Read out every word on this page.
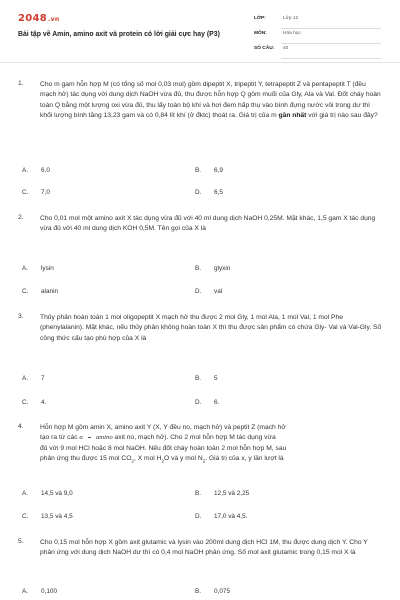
2048.vn
Bài tập về Amin, amino axit và protein có lời giải cực hay (P3)
LỚP:	Lớp 12
MÔN:	Hóa học
SỐ CÂU:	40
1.	Cho m gam hỗn hợp M (có tổng số mol 0,03 mol) gồm dipeptit X, tripeptit Y, tetrapeptit Z và pentapeptit T (đều mạch hở) tác dụng với dung dịch NaOH vừa đủ, thu được hỗn hợp Q gồm muối của Gly, Ala và Val. Đốt cháy hoàn toàn Q bằng một lượng oxi vừa đủ, thu lấy toàn bộ khí và hơi đem hấp thụ vào bình đựng nước vôi trong dư thì khối lượng bình tăng 13,23 gam và có 0,84 lít khí (ở đktc) thoát ra. Giá trị của m gần nhất với giá trị nào sau đây?
A. 6,0	B. 6,9
C. 7,0	D. 6,5
2.	Cho 0,01 mol một amino axit X tác dụng vừa đủ với 40 ml dung dịch NaOH 0,25M. Mặt khác, 1,5 gam X tác dụng vừa đủ với 40 ml dung dịch KOH 0,5M. Tên gọi của X là
A. lysin	B. glyxin
C. alanin	D. val
3.	Thủy phân hoàn toàn 1 mol oligopeptit X mạch hở thu được 2 mol Gly, 1 mol Ala, 1 mol Val, 1 mol Phe (phenylalanin). Mặt khác, nếu thủy phân không hoàn toàn X thì thu được sản phẩm có chứa Gly- Val và Val-Gly. Số công thức cấu tạo phù hợp của X là
A. 7	B. 5
C. 4.	D. 6.
4.	Hỗn hợp M gồm amin X, amino axit Y (X, Y đều no, mạch hở) và peptit Z (mạch hở
tạo ra từ các α amino axit no, mạch hở). Cho 2 mol hỗn hợp M tác dụng vừa
đủ với 9 mol HCl hoặc 8 mol NaOH. Nếu đốt cháy hoàn toàn 2 mol hỗn hợp M, sau
phản ứng thu được 15 mol $CO_2$, X mol $H_2O$ và y mol $N_2$. Giá trị của x, y lần lượt là
A. 14,5 và 9,0	B. 12,5 và 2,25
C. 13,5 và 4,5	D. 17,0 và 4,5.
5.	Cho 0,15 mol hỗn hợp X gồm axit glutamic và lysin vào 200ml dung dịch HCl 1M, thu được dung dịch Y. Cho Y phản ứng với dung dịch NaOH dư thì có 0,4 mol NaOH phản ứng. Số mol axit glutamic trong 0,15 mol X là
A. 0,100	B. 0,075
